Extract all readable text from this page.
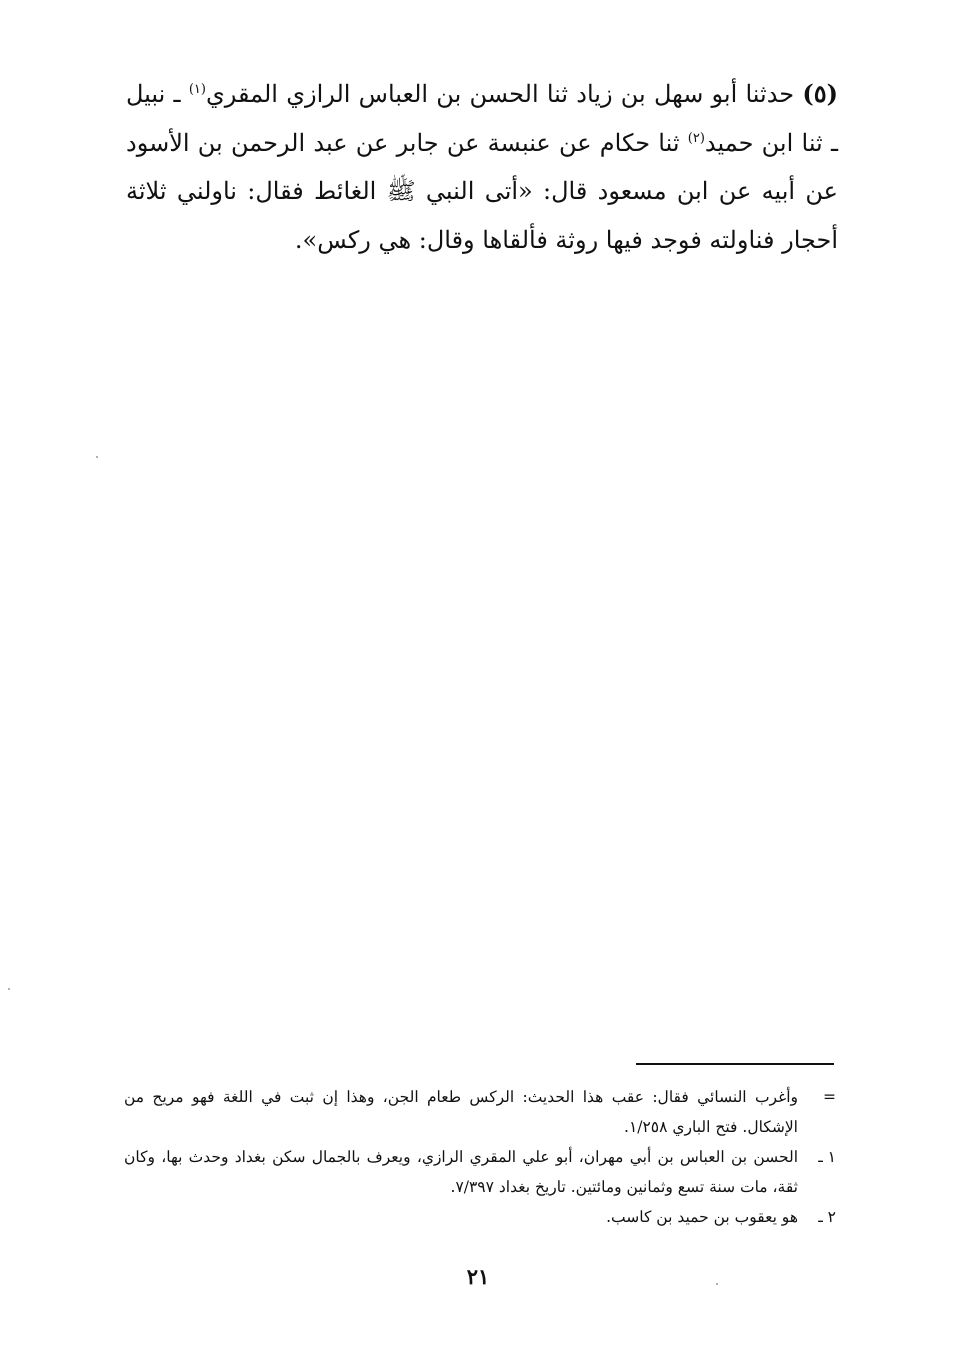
(٥) حدثنا أبو سهل بن زياد ثنا الحسن بن العباس الرازي المقري$^{(١)}$ ـ نبيل ـ ثنا ابن حميد$^{(٢)}$ ثنا حكام عن عنبسة عن جابر عن عبد الرحمن بن الأسود عن أبيه عن ابن مسعود قال: «أتى النبي ﷺ الغائط فقال: ناولني ثلاثة أحجار فناولته فوجد فيها روثة فألقاها وقال: هي ركس».

=
وأغرب النسائي فقال: عقب هذا الحديث: الركس طعام الجن، وهذا إن ثبت في اللغة فهو مريح من الإشكال. فتح الباري ١/٢٥٨.
١ ـ
الحسن بن العباس بن أبي مهران، أبو علي المقري الرازي، ويعرف بالجمال سكن بغداد وحدث بها، وكان ثقة، مات سنة تسع وثمانين ومائتين. تاريخ بغداد ٧/٣٩٧.
٢ ـ
هو يعقوب بن حميد بن كاسب.
٢١
